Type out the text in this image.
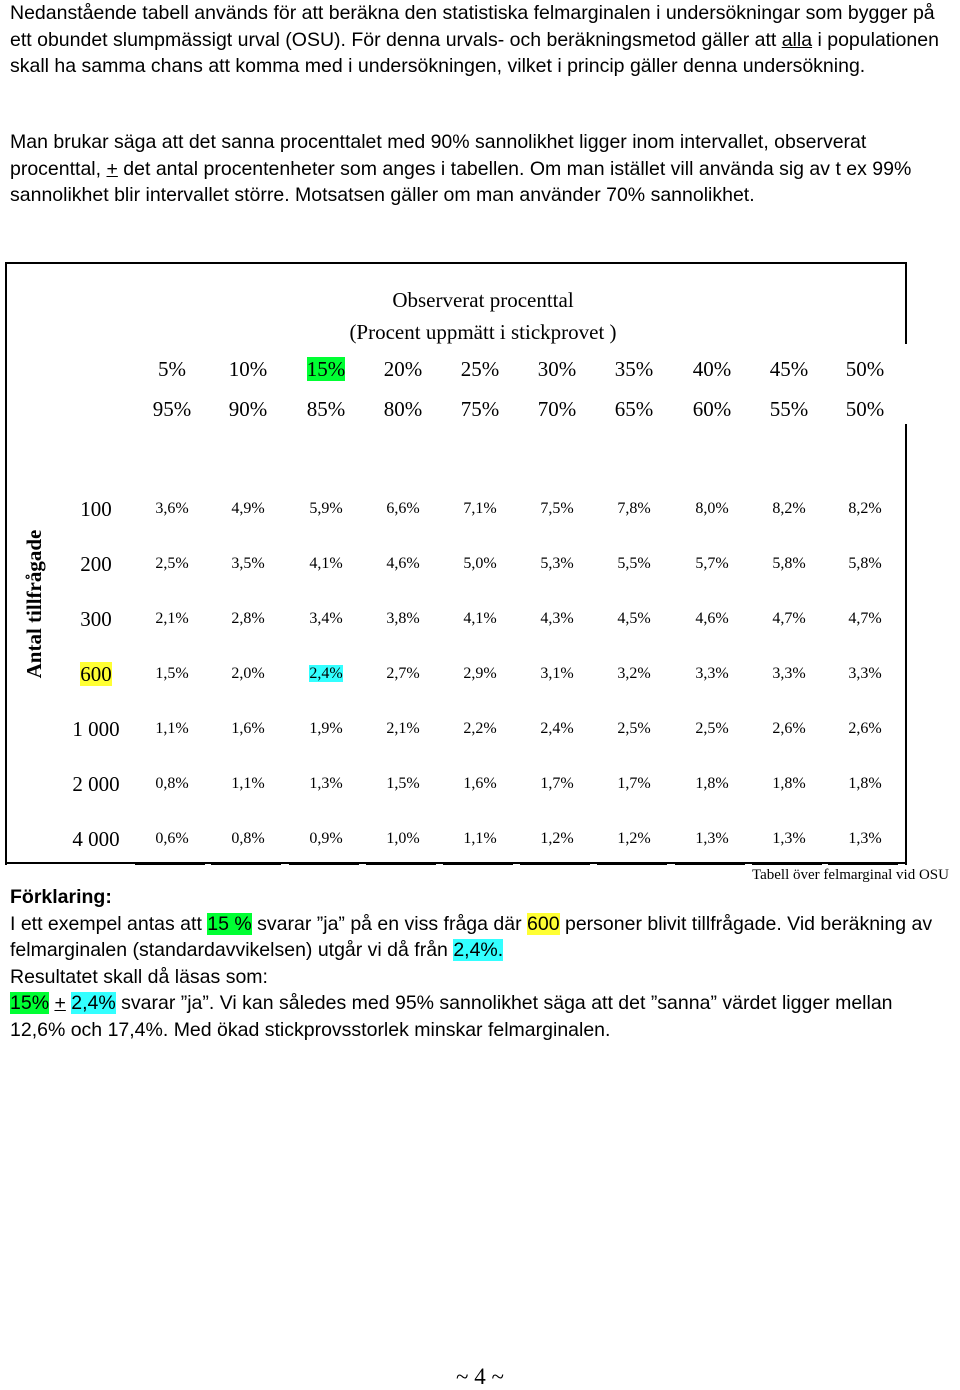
Nedanstående tabell används för att beräkna den statistiska felmarginalen i undersökningar som bygger på ett obundet slumpmässigt urval (OSU). För denna urvals- och beräkningsmetod gäller att alla i populationen skall ha samma chans att komma med i undersökningen, vilket i princip gäller denna undersökning.
Man brukar säga att det sanna procenttalet med 90% sannolikhet ligger inom intervallet, observerat procenttal, + det antal procentenheter som anges i tabellen. Om man istället vill använda sig av t ex 99% sannolikhet blir intervallet större. Motsatsen gäller om man använder 70% sannolikhet.
Observerat procenttal
(Procent uppmätt i stickprovet )
5%	10%	15%	20%	25%	30%	35%	40%	45%	50%
95%	90%	85%	80%	75%	70%	65%	60%	55%	50%
Antal tillfrågade
100	3,6%	4,9%	5,9%	6,6%	7,1%	7,5%	7,8%	8,0%	8,2%	8,2%
200	2,5%	3,5%	4,1%	4,6%	5,0%	5,3%	5,5%	5,7%	5,8%	5,8%
300	2,1%	2,8%	3,4%	3,8%	4,1%	4,3%	4,5%	4,6%	4,7%	4,7%
600	1,5%	2,0%	2,4%	2,7%	2,9%	3,1%	3,2%	3,3%	3,3%	3,3%
1 000	1,1%	1,6%	1,9%	2,1%	2,2%	2,4%	2,5%	2,5%	2,6%	2,6%
2 000	0,8%	1,1%	1,3%	1,5%	1,6%	1,7%	1,7%	1,8%	1,8%	1,8%
4 000	0,6%	0,8%	0,9%	1,0%	1,1%	1,2%	1,2%	1,3%	1,3%	1,3%
Tabell över felmarginal vid OSU
Förklaring:
I ett exempel antas att 15 % svarar ”ja” på en viss fråga där 600 personer blivit tillfrågade. Vid beräkning av felmarginalen (standardavvikelsen) utgår vi då från 2,4%.
Resultatet skall då läsas som:
15% + 2,4% svarar ”ja”. Vi kan således med 95% sannolikhet säga att det ”sanna” värdet ligger mellan 12,6% och 17,4%. Med ökad stickprovsstorlek minskar felmarginalen.
~ 4 ~
